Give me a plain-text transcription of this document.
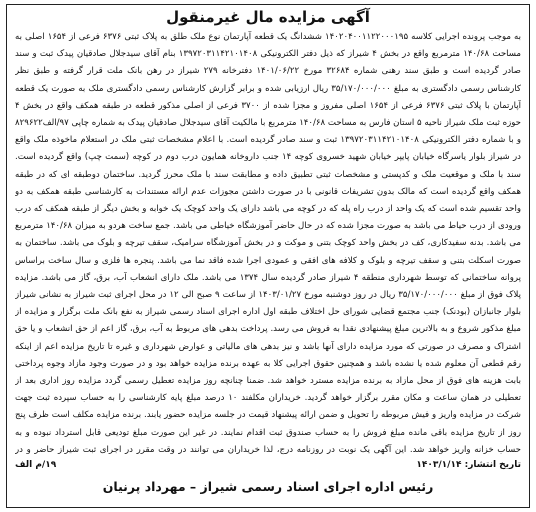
آگهی مزایده مال غیرمنقول
به موجب پرونده اجرایی کلاسه ۱۴۰۲۰۴۰۰۱۱۲۲۰۰۰۱۹۵ ششدانگ یک قطعه آپارتمان نوع ملک طلق به پلاک ثبتی ۶۳۷۶ فرعی از ۱۶۵۴ اصلی به مساحت ۱۴۰/۶۸ مترمربع واقع در بخش ۴ شیراز که ذیل دفتر الکترونیکی ۱۳۹۷۲۰۳۱۱۴۲۱۰۱۴۰۸ بنام آقای سیدجلال صادقیان پیدک ثبت و سند صادر گردیده است و طبق سند رهنی شماره ۳۲۶۸۴ مورخ ۱۴۰۱/۰۶/۲۲ دفترخانه ۲۷۹ شیراز در رهن بانک ملت قرار گرفته و طبق نظر کارشناس رسمی دادگستری به مبلغ ۳۵/۱۷۰/۰۰۰/۰۰۰ ریال ارزیابی شده و برابر گزارش کارشناس رسمی دادگستری ملک به صورت یک قطعه آپارتمان با پلاک ثبتی ۶۳۷۶ فرعی از ۱۶۵۴ اصلی مفروز و مجزا شده از ۳۷۰۰ فرعی از اصلی مذکور قطعه در طبقه همکف واقع در بخش ۴ حوزه ثبت ملک شیراز ناحیه ۵ استان فارس به مساحت ۱۴۰/۶۸ مترمربع با مالکیت آقای سیدجلال صادقیان پیدک به شماره چاپی ۹۷/الف۸۲۹۶۲۲ و با شماره دفتر الکترونیکی ۱۳۹۷۲۰۳۱۱۴۲۱۰۱۴۰۸ ثبت و سند صادر گردیده است. با اعلام مشخصات ثبتی ملک در استعلام ماخوذه ملک واقع در شیراز بلوار یاسرگاه خیابان پایپر خیابان شهید خسروی کوچه ۱۴ جنب داروخانه همایون درب دوم در کوچه (سمت چپ) واقع گردیده است. سند با ملک و موقعیت ملک و کدپستی و مشخصات ثبتی تطبیق داده و مطابقت سند با ملک محرز گردید. ساختمان دوطبقه ای که در طبقه همکف واقع گردیده است که مالک بدون تشریفات قانونی با در صورت داشتن مجوزات عدم ارائه مستندات به کارشناسی طبقه همکف به دو واحد تقسیم شده است که یک واحد از درب راه پله که در کوچه می باشد دارای یک واحد کوچک یک خوابه و بخش دیگر از طبقه همکف که درب ورودی از درب حیاط می باشد به صورت مجزا شده که در حال حاضر آموزشگاه خیاطی می باشد. جمع ساخت هردو به میزان ۱۴۰/۶۸ مترمربع می باشد. بدنه سفیدکاری، کف در بخش واحد کوچک بتنی و موکت و در بخش آموزشگاه سرامیک، سقف تیرچه و بلوک می باشد. ساختمان به صورت اسکلت بتنی و سقف تیرچه و بلوک و کلافه های افقی و عمودی اجرا شده فاقد نما می باشد. پنجره ها فلزی و سال ساخت براساس پروانه ساختمانی که توسط شهرداری منطقه ۴ شیراز صادر گردیده سال ۱۳۷۴ می باشد. ملک دارای انشعاب آب، برق، گاز می باشد. مزایده پلاک فوق از مبلغ ۳۵/۱۷۰/۰۰۰/۰۰۰ ریال در روز دوشنبه مورخ ۱۴۰۳/۰۱/۲۷ از ساعت ۹ صبح الی ۱۲ در محل اجرای ثبت شیراز به نشانی شیراز بلوار جانبازان (بودنک) جنب مجتمع قضایی شورای حل اختلاف طبقه اول اداره اجرای اسناد رسمی شیراز به نفع بانک ملت برگزار و مزایده از مبلغ مذکور شروع و به بالاترین مبلغ پیشنهادی نقدا به فروش می رسد. پرداخت بدهی های مربوط به آب، برق، گاز اعم از حق انشعاب و یا حق اشتراک و مصرف در صورتی که مورد مزایده دارای آنها باشد و نیز بدهی های مالیاتی و عوارض شهرداری و غیره تا تاریخ مزایده اعم از اینکه رقم قطعی آن معلوم شده یا نشده باشد و همچنین حقوق اجرایی کلا به عهده برنده مزایده خواهد بود و در صورت وجود مازاد وجوه پرداختی بابت هزینه های فوق از محل مازاد به برنده مزایده مسترد خواهد شد. ضمنا چنانچه روز مزایده تعطیل رسمی گردد مزایده روز اداری بعد از تعطیلی در همان ساعت و مکان مقرر برگزار خواهد گردید. خریداران مکلفند ۱۰ درصد مبلغ پایه کارشناسی را به حساب سپرده ثبت جهت شرکت در مزایده واریز و فیش مربوطه را تحویل و ضمن ارائه پیشنهاد قیمت در جلسه مزایده حضور یابند. برنده مزایده مکلف است ظرف پنج روز از تاریخ مزایده باقی مانده مبلغ فروش را به حساب صندوق ثبت اقدام نمایند. در غیر این صورت مبلغ تودیعی قابل استرداد نبوده و به حساب خزانه واریز خواهد شد. این آگهی یک نوبت در روزنامه درج، لذا خریداران می توانند در وقت مقرر در اجرای ثبت شیراز حاضر و در
تاریخ انتشار: ۱۴۰۳/۱/۱۴
۱۹/م الف
رئیس اداره اجرای اسناد رسمی شیراز – مهرداد پرنیان
